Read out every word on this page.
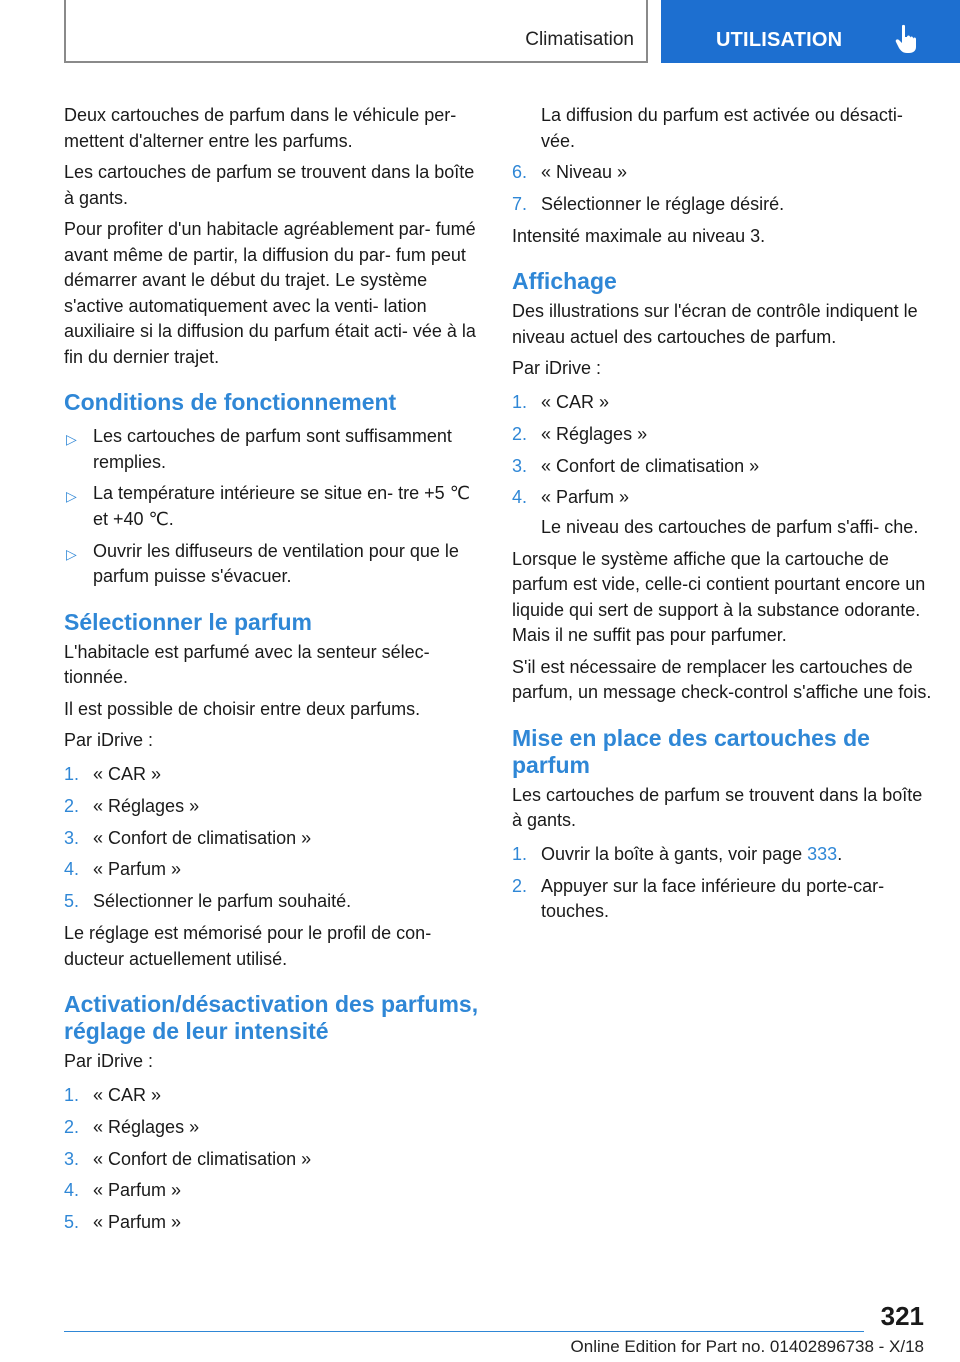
Climatisation	UTILISATION

Deux cartouches de parfum dans le véhicule per‐ mettent d'alterner entre les parfums.

Les cartouches de parfum se trouvent dans la boîte à gants.

Pour profiter d'un habitacle agréablement par‐ fumé avant même de partir, la diffusion du par‐ fum peut démarrer avant le début du trajet. Le système s'active automatiquement avec la venti‐ lation auxiliaire si la diffusion du parfum était acti‐ vée à la fin du dernier trajet.

Conditions de fonctionnement
▷ Les cartouches de parfum sont suffisamment remplies.
▷ La température intérieure se situe en‐ tre +5 ℃ et +40 ℃.
▷ Ouvrir les diffuseurs de ventilation pour que le parfum puisse s'évacuer.
Sélectionner le parfum

L'habitacle est parfumé avec la senteur sélec‐ tionnée.

Il est possible de choisir entre deux parfums.

Par iDrive :

1. « CAR »
2. « Réglages »
3. « Confort de climatisation »
4. « Parfum »
5. Sélectionner le parfum souhaité.

Le réglage est mémorisé pour le profil de con‐ ducteur actuellement utilisé.

Activation/désactivation des parfums, réglage de leur intensité

Par iDrive :

1. « CAR »
2. « Réglages »
3. « Confort de climatisation »
4. « Parfum »
5. « Parfum »

La diffusion du parfum est activée ou désacti‐ vée.

6. « Niveau »
7. Sélectionner le réglage désiré.

Intensité maximale au niveau 3.

Affichage

Des illustrations sur l'écran de contrôle indiquent le niveau actuel des cartouches de parfum.

Par iDrive :

1. « CAR »
2. « Réglages »
3. « Confort de climatisation »
4. « Parfum »

Le niveau des cartouches de parfum s'affi‐ che.

Lorsque le système affiche que la cartouche de parfum est vide, celle-ci contient pourtant encore un liquide qui sert de support à la substance odorante. Mais il ne suffit pas pour parfumer.

S'il est nécessaire de remplacer les cartouches de parfum, un message check-control s'affiche une fois.

Mise en place des cartouches de parfum

Les cartouches de parfum se trouvent dans la boîte à gants.

1. Ouvrir la boîte à gants, voir page 333.
2. Appuyer sur la face inférieure du porte-car‐ touches.
321
Online Edition for Part no. 01402896738 - X/18
